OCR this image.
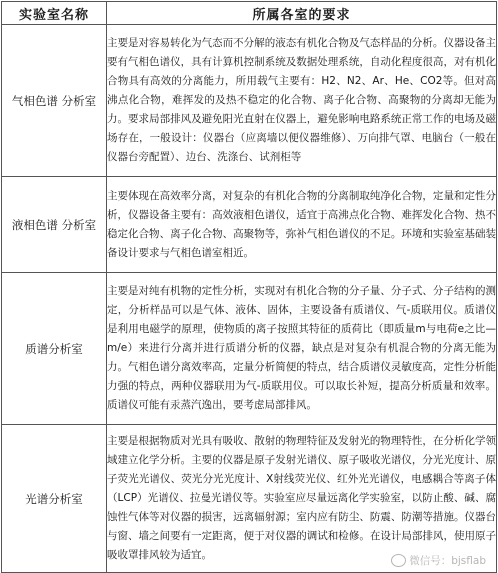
实验室名称	所属各室的要求
气相色谱 分析室	主要是对容易转化为气态而不分解的液态有机化合物及气态样品的分析。仪器设备主要有气相色谱仪，具有计算机控制系统及数据处理系统，自动化程度很高，对有机化合物具有高效的分离能力，所用载气主要有：H2、N2、Ar、He、CO2等。但对高沸点化合物，难挥发的及热不稳定的化合物、离子化合物、高聚物的分离却无能为力。要求局部排风及避免阳光直射在仪器上，避免影响电路系统正常工作的电场及磁场存在，一般设计：仪器台（应离墙以便仪器维修）、万向排气罩、电脑台（一般在仪器台旁配置）、边台、洗涤台、试剂柜等
液相色谱 分析室	主要体现在高效率分离，对复杂的有机化合物的分离制取纯净化合物，定量和定性分析，仪器设备主要有：高效液相色谱仪，适宜于高沸点化合物、难挥发化合物、热不稳定化合物、离子化合物、高聚物等，弥补气相色谱仪的不足。环境和实验室基础装备设计要求与气相色谱室相近。
质谱分析室	主要是对纯有机物的定性分析，实现对有机化合物的分子量、分子式、分子结构的测定，分析样品可以是气体、液体、固体，主要设备有质谱仪、气-质联用仪。质谱仪是利用电磁学的原理，使物质的离子按照其特征的质荷比（即质量m与电荷e之比—m/e）来进行分离并进行质谱分析的仪器，缺点是对复杂有机混合物的分离无能为力。气相色谱分离效率高，定量分析简便的特点，结合质谱仪灵敏度高，定性分析能力强的特点，两种仪器联用为气-质联用仪。可以取长补短，提高分析质量和效率。质谱仪可能有汞蒸汽逸出，要考虑局部排风。
光谱分析室	主要是根据物质对光具有吸收、散射的物理特征及发射光的物理特性，在分析化学领域建立化学分析。主要的仪器是原子发射光谱仪、原子吸收光谱仪，分光光度计、原子荧光光谱仪、荧光分光光度计、X射线荧光仪、红外光光谱仪，电感耦合等离子体（LCP）光谱仪、拉曼光谱仪等。实验室应尽量远离化学实验室，以防止酸、碱、腐蚀性气体等对仪器的损害，远离辐射源；室内应有防尘、防震、防潮等措施。仪器台与窗、墙之间要有一定距离，便于对仪器的调试和检修。在设计局部排风，使用原子吸收罩排风较为适宜。	微信号：bjsflab
